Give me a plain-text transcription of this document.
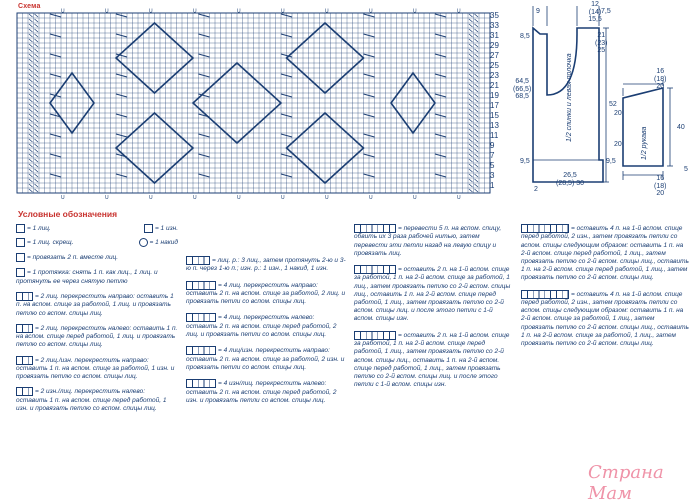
Схема
U	U	U	U	U	U	U	U	U	U
U	U	U	U	U	U	U	U	U	U
35
33
31
29
27
25
23
21
19
17
15
13
11
9
7
5
3
1
Условные обозначения
= 1 лиц.	= 1 изн.
= 1 лиц. скрещ.	= 1 накид
= провязать 2 п. вместе лиц.
= 1 протяжка: снять 1 п. как лиц., 1 лиц. и протянуть ее через снятую петлю
= 2 лиц. перекрестить направо: оставить 1 п. на вспом. спице за работой, 1 лиц. и провязать петлю со вспом. спицы лиц.
= 2 лиц. перекрестить налево: оставить 1 п. на вспом. спице перед работой, 1 лиц. и провязать петлю со вспом. спицы лиц.
= 2 лиц./изн. перекрестить направо: оставить 1 п. на вспом. спице за работой, 1 изн. и провязать петлю со вспом. спицы лиц.
= 2 изн./лиц. перекрестить налево: оставить 1 п. на вспом. спице перед работой, 1 изн. и провязать петлю со вспом. спицы лиц.
= лиц. р.: 3 лиц., затем протянуть 2-ю и 3-ю п. через 1-ю п.; изн. р.: 1 изн., 1 накид, 1 изн.
= 4 лиц. перекрестить направо: оставить 2 п. на вспом. спице за работой, 2 лиц. и провязать петли со вспом. спицы лиц.
= 4 лиц. перекрестить налево: оставить 2 п. на вспом. спице перед работой, 2 лиц. и провязать петли со вспом. спицы лиц.
= 4 лиц/изн. перекрестить направо: оставить 2 п. на вспом. спице за работой, 2 изн. и провязать петли со вспом. спицы лиц.
= 4 изн/лиц. перекрестить налево: оставить 2 п. на вспом. спице перед работой, 2 изн. и провязать петли со вспом. спицы лиц.
= перевести 5 п. на вспом. спицу, обвить их 3 раза рабочей нитью, затем перевести эти петли назад на левую спицу и провязать лиц.
= оставить 2 п. на 1-й вспом. спице за работой, 1 п. на 2-й вспом. спице за работой, 1 лиц., затем провязать петлю со 2-й вспом. спицы лиц., оставить 1 п. на 2-й вспом. спице перед работой, 1 лиц., затем провязать петлю со 2-й вспом. спицы лиц. и после этого петли с 1-й вспом. спицы изн.
= оставить 2 п. на 1-й вспом. спице за работой, 1 п. на 2-й вспом. спице перед работой, 1 лиц., затем провязать петлю со 2-й вспом. спицы лиц., оставить 1 п. на 2-й вспом. спице перед работой, 1 лиц., затем провязать петлю со 2-й вспом. спицы лиц. и после этого петли с 1-й вспом. спицы изн.
= оставить 4 п. на 1-й вспом. спице перед работой, 2 изн., затем провязать петли со вспом. спицы следующим образом: оставить 1 п. на 2-й вспом. спице перед работой, 1 лиц., затем провязать петлю со 2-й вспом. спицы лиц., оставить 1 п. на 2-й вспом. спице перед работой, 1 лиц., затем провязать петлю со 2-й вспом. спицы лиц.
= оставить 4 п. на 1-й вспом. спице перед работой, 2 изн., затем провязать петли со вспом. спицы следующим образом: оставить 1 п. на 2-й вспом. спице за работой, 1 лиц., затем провязать петлю со 2-й вспом. спицы лиц., оставить 1 п. на 2-й вспом. спице за работой, 1 лиц., затем провязать петлю со 2-й вспом. спицы лиц.
1/2 спинки и левая полочка
1/2 рукава
12
(14)
15,5
9	7,5
8,5	21
(23)
25
64,5
(66,5)
68,5
52
9,5	9,5
2
26,5
(28,5) 30
16
(18)
20
20
20
40
5
16
(18)
20
Страна Мам
